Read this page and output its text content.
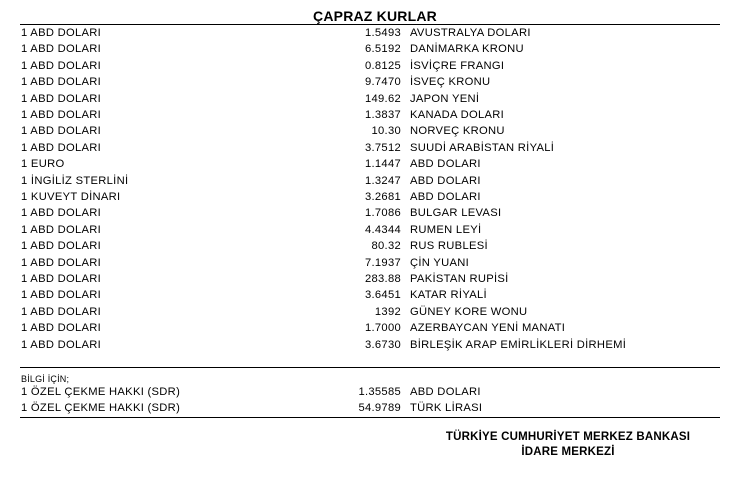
ÇAPRAZ KURLAR
1 ABD DOLARI	1.5493 AVUSTRALYA DOLARI
1 ABD DOLARI	6.5192 DANİMARKA KRONU
1 ABD DOLARI	0.8125 İSVİÇRE FRANGI
1 ABD DOLARI	9.7470 İSVEÇ KRONU
1 ABD DOLARI	149.62 JAPON YENİ
1 ABD DOLARI	1.3837 KANADA DOLARI
1 ABD DOLARI	10.30 NORVEÇ KRONU
1 ABD DOLARI	3.7512 SUUDİ ARABİSTAN RİYALİ
1 EURO	1.1447 ABD DOLARI
1 İNGİLİZ STERLİNİ	1.3247 ABD DOLARI
1 KUVEYT DİNARI	3.2681 ABD DOLARI
1 ABD DOLARI	1.7086 BULGAR LEVASI
1 ABD DOLARI	4.4344 RUMEN LEYİ
1 ABD DOLARI	80.32 RUS RUBLESİ
1 ABD DOLARI	7.1937 ÇİN YUANI
1 ABD DOLARI	283.88 PAKİSTAN RUPİSİ
1 ABD DOLARI	3.6451 KATAR RİYALİ
1 ABD DOLARI	1392 GÜNEY KORE WONU
1 ABD DOLARI	1.7000 AZERBAYCAN YENİ MANATI
1 ABD DOLARI	3.6730 BİRLEŞİK ARAP EMİRLİKLERİ DİRHEMİ
BİLGİ İÇİN;
1 ÖZEL ÇEKME HAKKI (SDR)	1.35585 ABD DOLARI
1 ÖZEL ÇEKME HAKKI (SDR)	54.9789 TÜRK LİRASI
TÜRKİYE CUMHURİYET MERKEZ BANKASI
İDARE MERKEZİ
